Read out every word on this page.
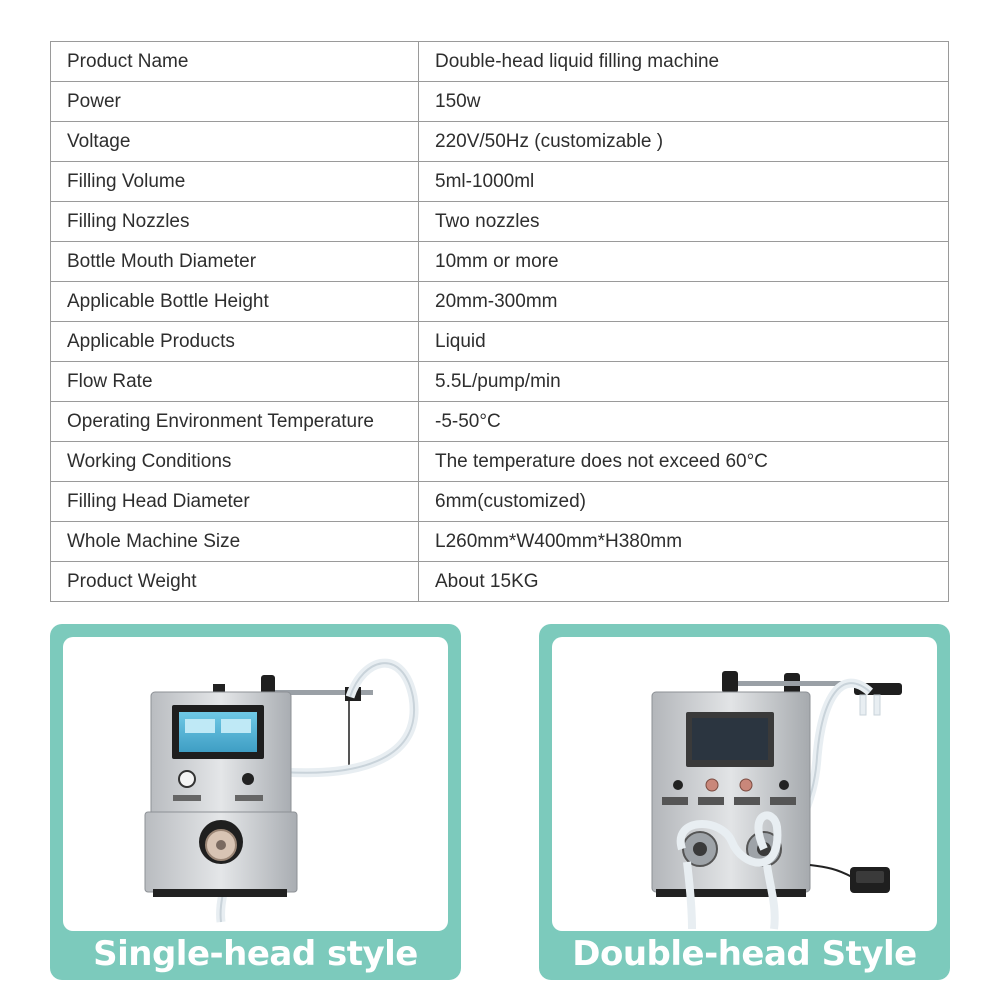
Product Name	Double-head liquid filling machine
Power	150w
Voltage	220V/50Hz (customizable )
Filling Volume	5ml-1000ml
Filling Nozzles	Two nozzles
Bottle Mouth Diameter	10mm or more
Applicable Bottle Height	20mm-300mm
Applicable Products	Liquid
Flow Rate	5.5L/pump/min
Operating Environment Temperature	-5-50°C
Working Conditions	The temperature does not exceed 60°C
Filling Head Diameter	6mm(customized)
Whole Machine Size	L260mm*W400mm*H380mm
Product Weight	About 15KG
Single-head style	Double-head Style
